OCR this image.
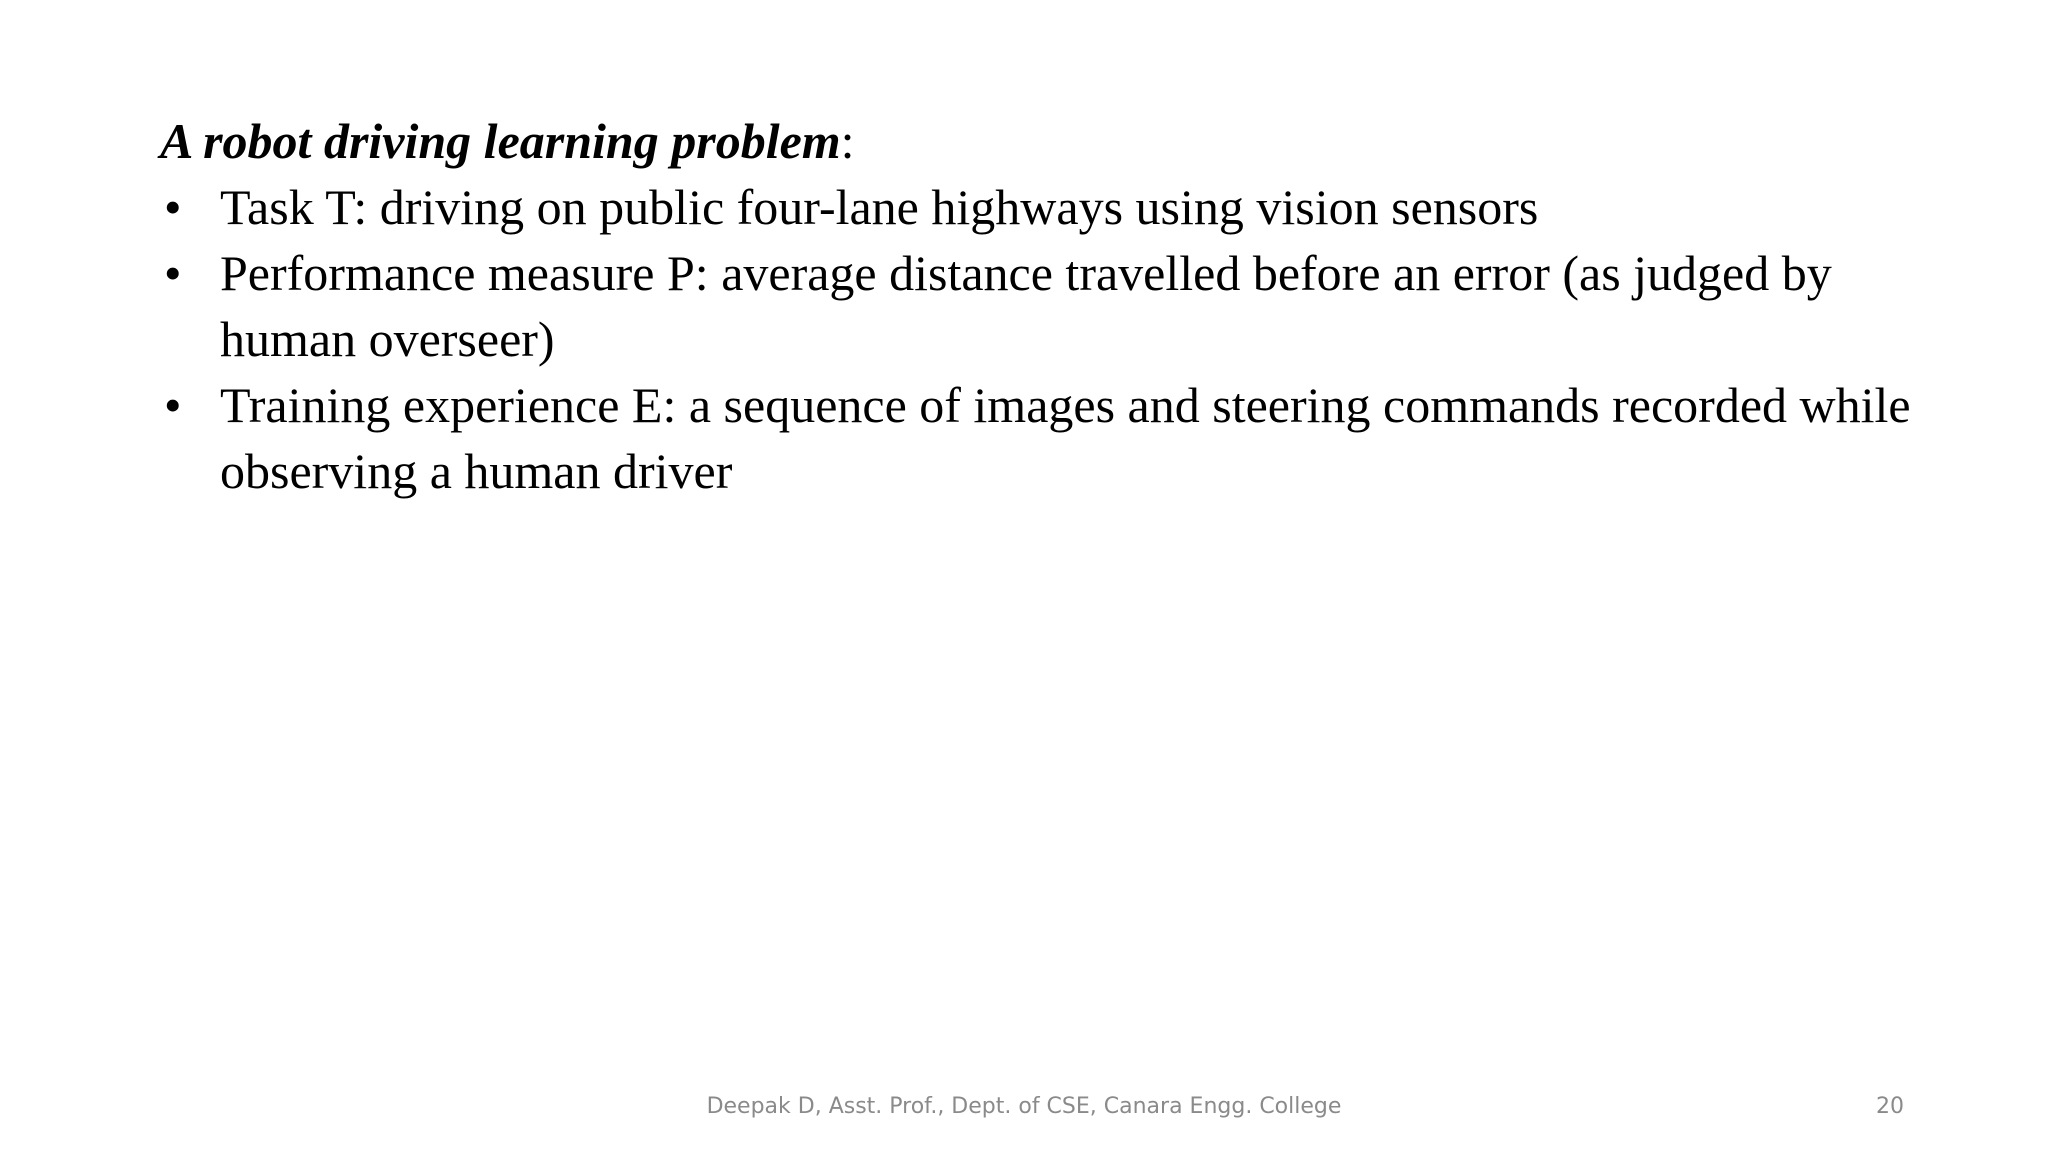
A robot driving learning problem:

• Task T: driving on public four-lane highways using vision sensors
• Performance measure P: average distance travelled before an error (as judged by human overseer)
• Training experience E: a sequence of images and steering commands recorded while observing a human driver
Deepak D, Asst. Prof., Dept. of CSE, Canara Engg. College	20
